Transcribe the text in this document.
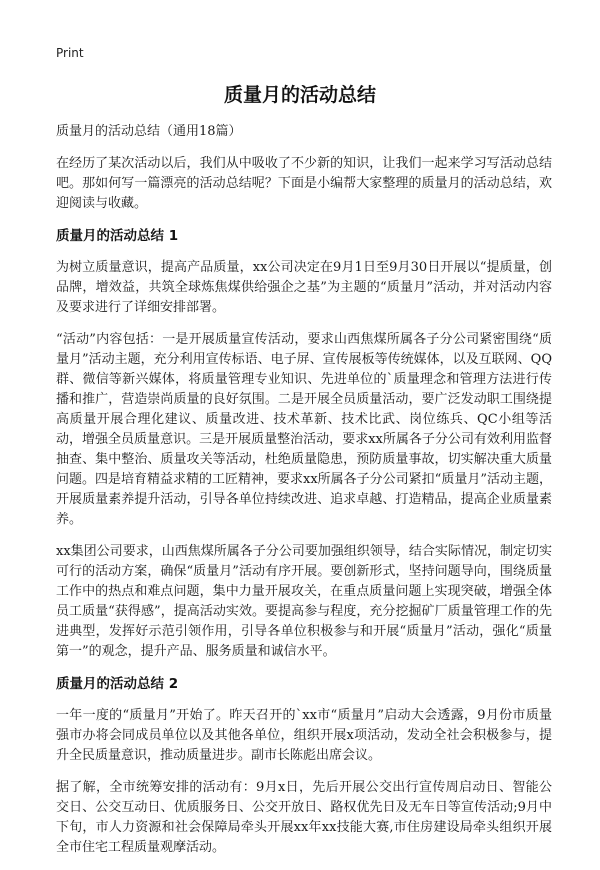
Print
质量月的活动总结
质量月的活动总结（通用18篇）

在经历了某次活动以后，我们从中吸收了不少新的知识，让我们一起来学习写活动总结吧。那如何写一篇漂亮的活动总结呢？下面是小编帮大家整理的质量月的活动总结，欢迎阅读与收藏。

质量月的活动总结 1

为树立质量意识，提高产品质量，xx公司决定在9月1日至9月30日开展以“提质量，创品牌，增效益，共筑全球炼焦煤供给强企之基”为主题的“质量月”活动，并对活动内容及要求进行了详细安排部署。

“活动”内容包括：一是开展质量宣传活动，要求山西焦煤所属各子分公司紧密围绕“质量月”活动主题，充分利用宣传标语、电子屏、宣传展板等传统媒体，以及互联网、QQ群、微信等新兴媒体，将质量管理专业知识、先进单位的`质量理念和管理方法进行传播和推广，营造崇尚质量的良好氛围。二是开展全员质量活动，要广泛发动职工围绕提高质量开展合理化建议、质量改进、技术革新、技术比武、岗位练兵、QC小组等活动，增强全员质量意识。三是开展质量整治活动，要求xx所属各子分公司有效利用监督抽查、集中整治、质量攻关等活动，杜绝质量隐患，预防质量事故，切实解决重大质量问题。四是培育精益求精的工匠精神，要求xx所属各子分公司紧扣“质量月”活动主题，开展质量素养提升活动，引导各单位持续改进、追求卓越、打造精品，提高企业质量素养。

xx集团公司要求，山西焦煤所属各子分公司要加强组织领导，结合实际情况，制定切实可行的活动方案，确保“质量月”活动有序开展。要创新形式，坚持问题导向，围绕质量工作中的热点和难点问题，集中力量开展攻关，在重点质量问题上实现突破，增强全体员工质量“获得感”，提高活动实效。要提高参与程度，充分挖掘矿厂质量管理工作的先进典型，发挥好示范引领作用，引导各单位积极参与和开展“质量月”活动，强化“质量第一”的观念，提升产品、服务质量和诚信水平。

质量月的活动总结 2

一年一度的“质量月”开始了。昨天召开的`xx市“质量月”启动大会透露，9月份市质量强市办将会同成员单位以及其他各单位，组织开展x项活动，发动全社会积极参与，提升全民质量意识，推动质量进步。副市长陈彪出席会议。

据了解，全市统筹安排的活动有：9月x日，先后开展公交出行宣传周启动日、智能公交日、公交互动日、优质服务日、公交开放日、路权优先日及无车日等宣传活动;9月中下旬，市人力资源和社会保障局牵头开展xx年xx技能大赛,市住房建设局牵头组织开展全市住宅工程质量观摩活动。
